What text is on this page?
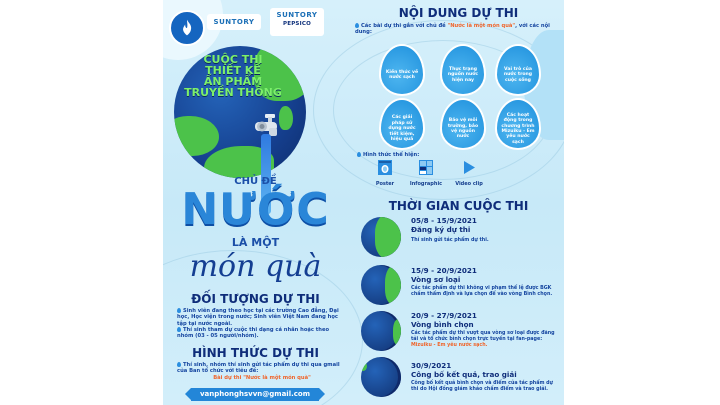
SUNTORY
SUNTORY
PEPSICO
CUỘC THI
THIẾT KẾ
ẤN PHẨM
TRUYỀN THÔNG
CHỦ ĐỀ
NƯỚC
LÀ MỘT
món quà
ĐỐI TƯỢNG DỰ THI
Sinh viên đang theo học tại các trường Cao đẳng, Đại học, Học viện trong nước; Sinh viên Việt Nam đang học tập tại nước ngoài.
Thí sinh tham dự cuộc thi dạng cá nhân hoặc theo nhóm (03 - 05 người/nhóm).
HÌNH THỨC DỰ THI
Thí sinh, nhóm thí sinh gửi tác phẩm dự thi qua gmail của Ban tổ chức với tiêu đề:
Bài dự thi "Nước là một món quà"
vanphonghsvvn@gmail.com
NỘI DUNG DỰ THI
Các bài dự thi gắn với chủ đề "Nước là một món quà", với các nội dung:
Kiến thức về nước sạch
Thực trạng nguồn nước hiện nay
Vai trò của nước trong cuộc sống
Các giải pháp sử dụng nước tiết kiệm, hiệu quả
Bảo vệ môi trường, bảo vệ nguồn nước
Các hoạt động trong chương trình Mizuiku - Em yêu nước sạch
Hình thức thể hiện:
Poster	Infographic	Video clip
THỜI GIAN CUỘC THI
05/8 - 15/9/2021
Đăng ký dự thi
Thí sinh gửi tác phẩm dự thi.
15/9 - 20/9/2021
Vòng sơ loại
Các tác phẩm dự thi không vi phạm thể lệ được BGK chấm thẩm định và lựa chọn để vào vòng Bình chọn.
20/9 - 27/9/2021
Vòng bình chọn
Các tác phẩm dự thi vượt qua vòng sơ loại được đăng tải và tổ chức bình chọn trực tuyến tại fan-page: Mizuiku - Em yêu nước sạch.
30/9/2021
Công bố kết quả, trao giải
Công bố kết quả bình chọn và điểm của tác phẩm dự thi do Hội đồng giám khảo chấm điểm và trao giải.
